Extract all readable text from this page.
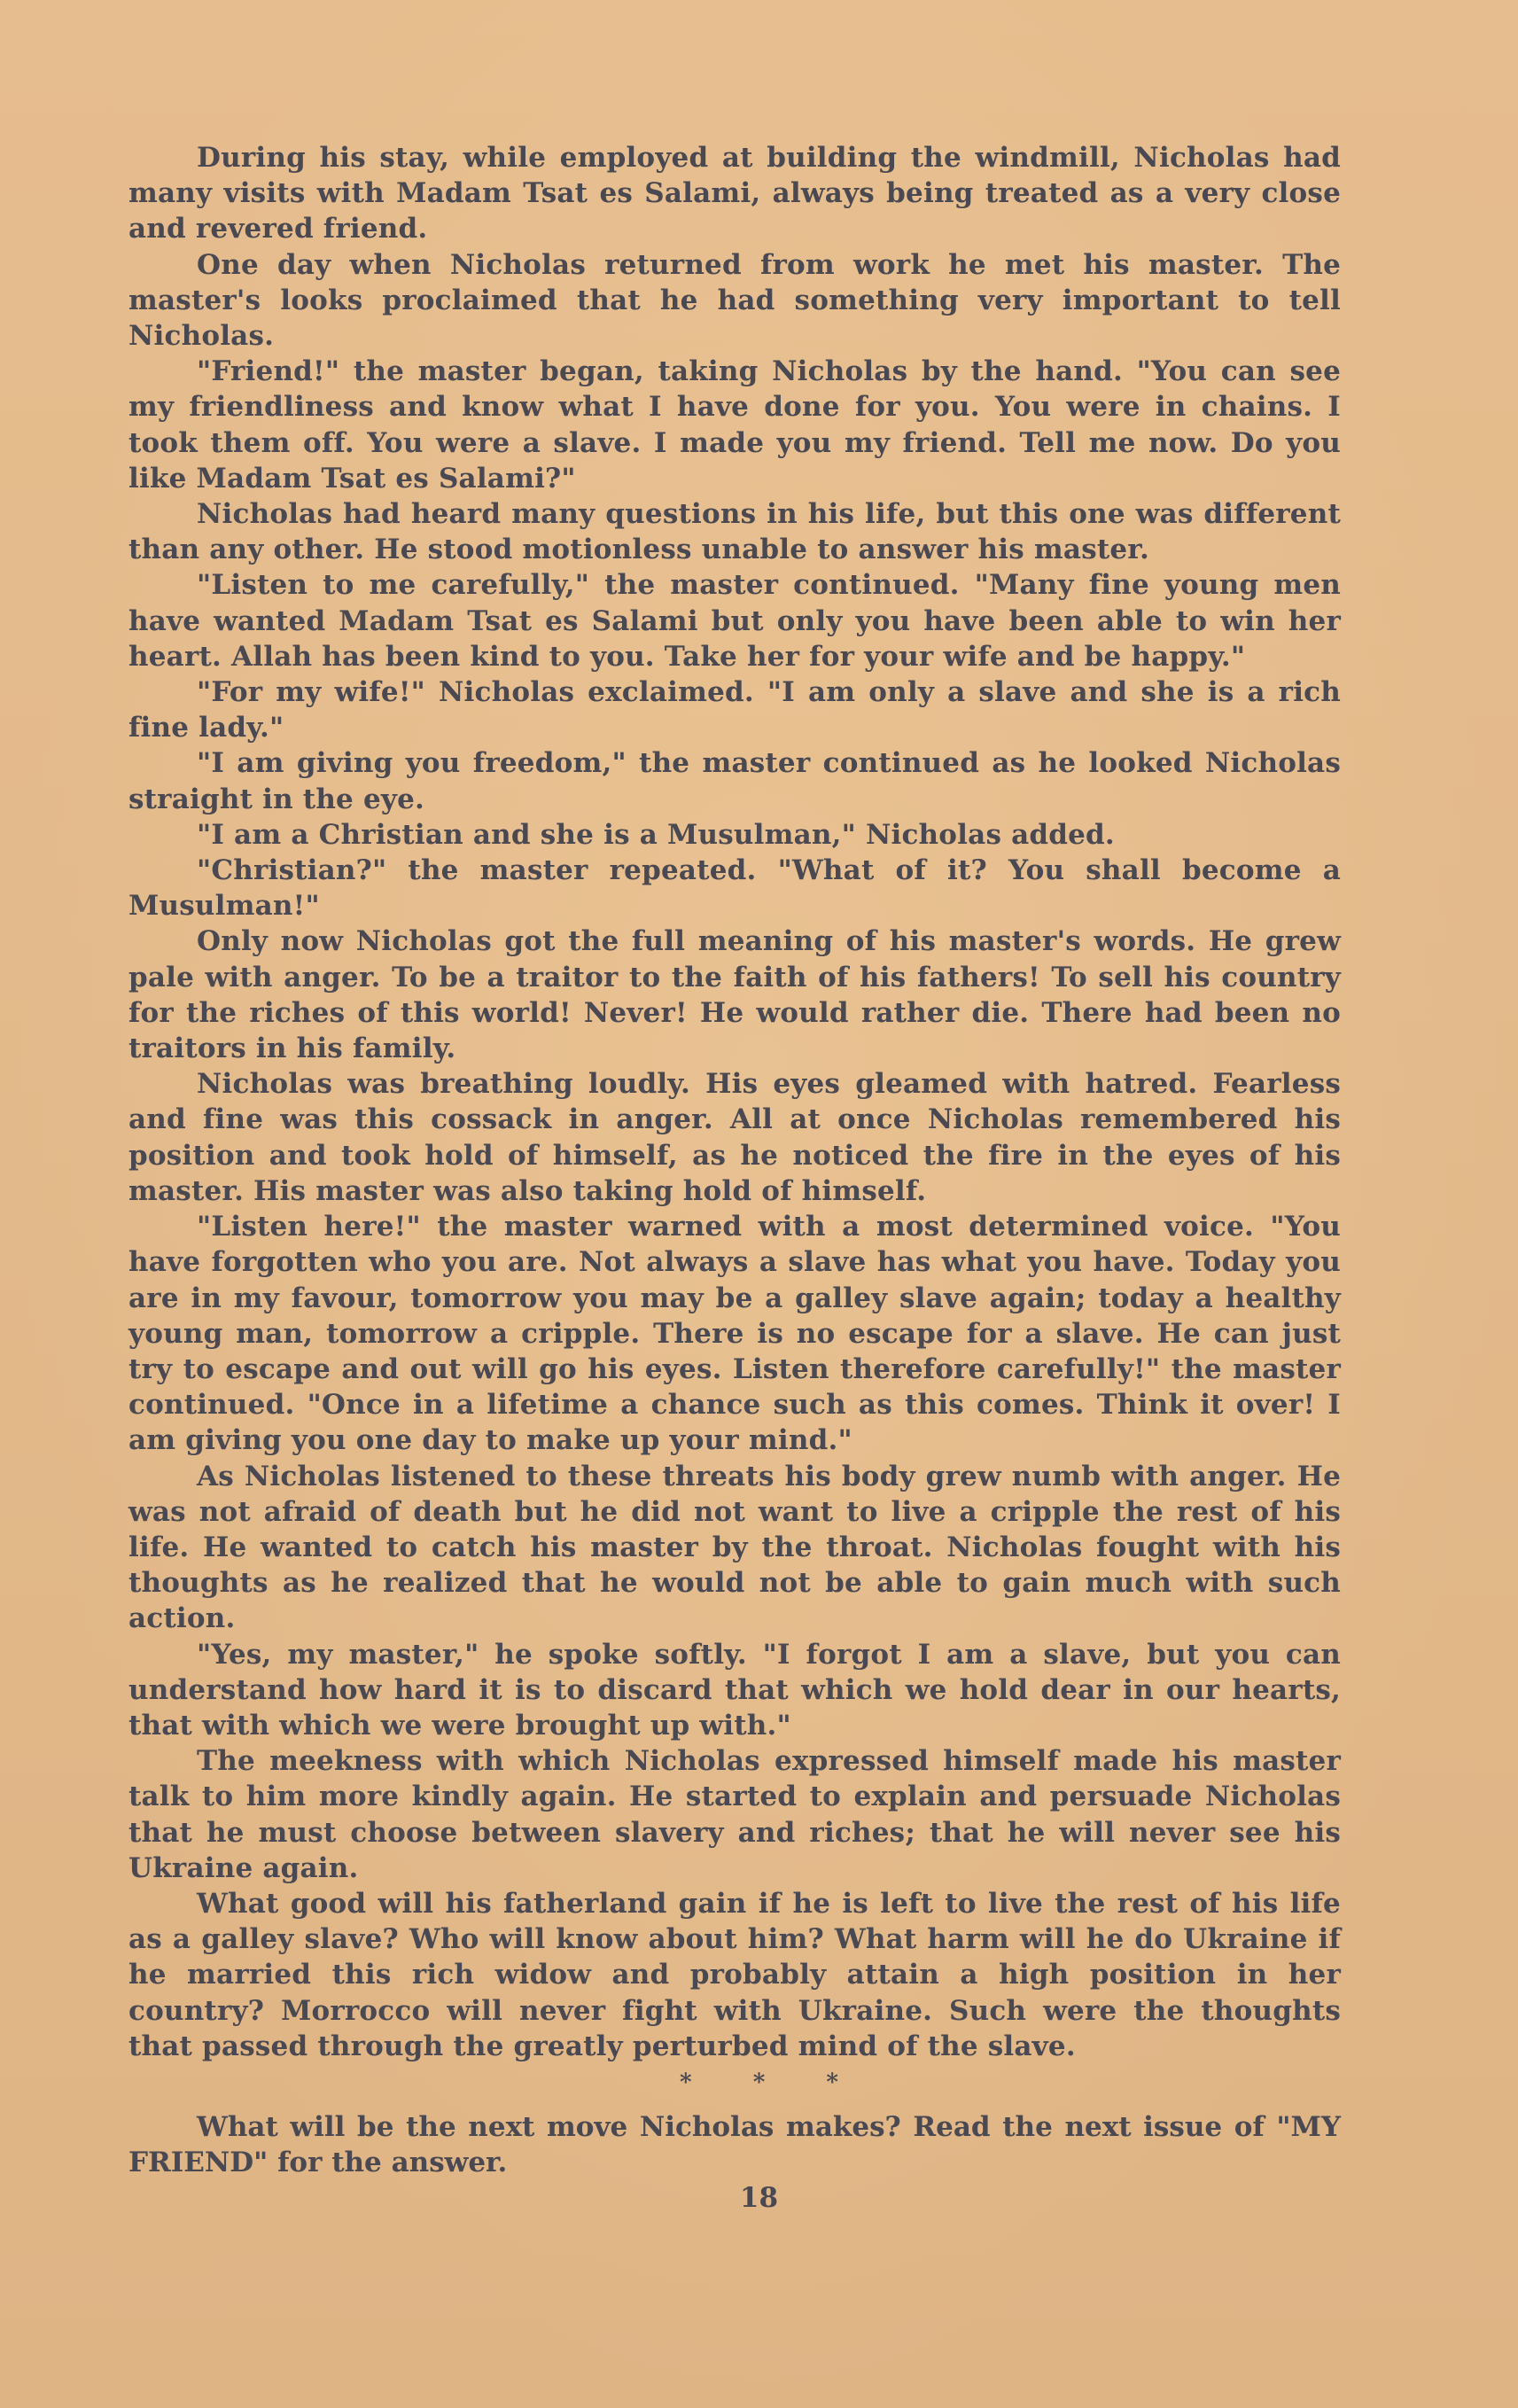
During his stay, while employed at building the windmill, Nicholas had many visits with Madam Tsat es Salami, always being treated as a very close and revered friend.

One day when Nicholas returned from work he met his master. The master's looks proclaimed that he had something very important to tell Nicholas.

"Friend!" the master began, taking Nicholas by the hand. "You can see my friendliness and know what I have done for you. You were in chains. I took them off. You were a slave. I made you my friend. Tell me now. Do you like Madam Tsat es Salami?"

Nicholas had heard many questions in his life, but this one was different than any other. He stood motionless unable to answer his master.

"Listen to me carefully," the master continued. "Many fine young men have wanted Madam Tsat es Salami but only you have been able to win her heart. Allah has been kind to you. Take her for your wife and be happy."

"For my wife!" Nicholas exclaimed. "I am only a slave and she is a rich fine lady."

"I am giving you freedom," the master continued as he looked Nicholas straight in the eye.

"I am a Christian and she is a Musulman," Nicholas added.

"Christian?" the master repeated. "What of it? You shall become a Musulman!"

Only now Nicholas got the full meaning of his master's words. He grew pale with anger. To be a traitor to the faith of his fathers! To sell his country for the riches of this world! Never! He would rather die. There had been no traitors in his family.

Nicholas was breathing loudly. His eyes gleamed with hatred. Fearless and fine was this cossack in anger. All at once Nicholas remembered his position and took hold of himself, as he noticed the fire in the eyes of his master. His master was also taking hold of himself.

"Listen here!" the master warned with a most determined voice. "You have forgotten who you are. Not always a slave has what you have. Today you are in my favour, tomorrow you may be a galley slave again; today a healthy young man, tomorrow a cripple. There is no escape for a slave. He can just try to escape and out will go his eyes. Listen therefore carefully!" the master continued. "Once in a lifetime a chance such as this comes. Think it over! I am giving you one day to make up your mind."

As Nicholas listened to these threats his body grew numb with anger. He was not afraid of death but he did not want to live a cripple the rest of his life. He wanted to catch his master by the throat. Nicholas fought with his thoughts as he realized that he would not be able to gain much with such action.

"Yes, my master," he spoke softly. "I forgot I am a slave, but you can understand how hard it is to discard that which we hold dear in our hearts, that with which we were brought up with."

The meekness with which Nicholas expressed himself made his master talk to him more kindly again. He started to explain and persuade Nicholas that he must choose between slavery and riches; that he will never see his Ukraine again.

What good will his fatherland gain if he is left to live the rest of his life as a galley slave? Who will know about him? What harm will he do Ukraine if he married this rich widow and probably attain a high position in her country? Morrocco will never fight with Ukraine. Such were the thoughts that passed through the greatly perturbed mind of the slave.

* * *

What will be the next move Nicholas makes? Read the next issue of "MY FRIEND" for the answer.

18
